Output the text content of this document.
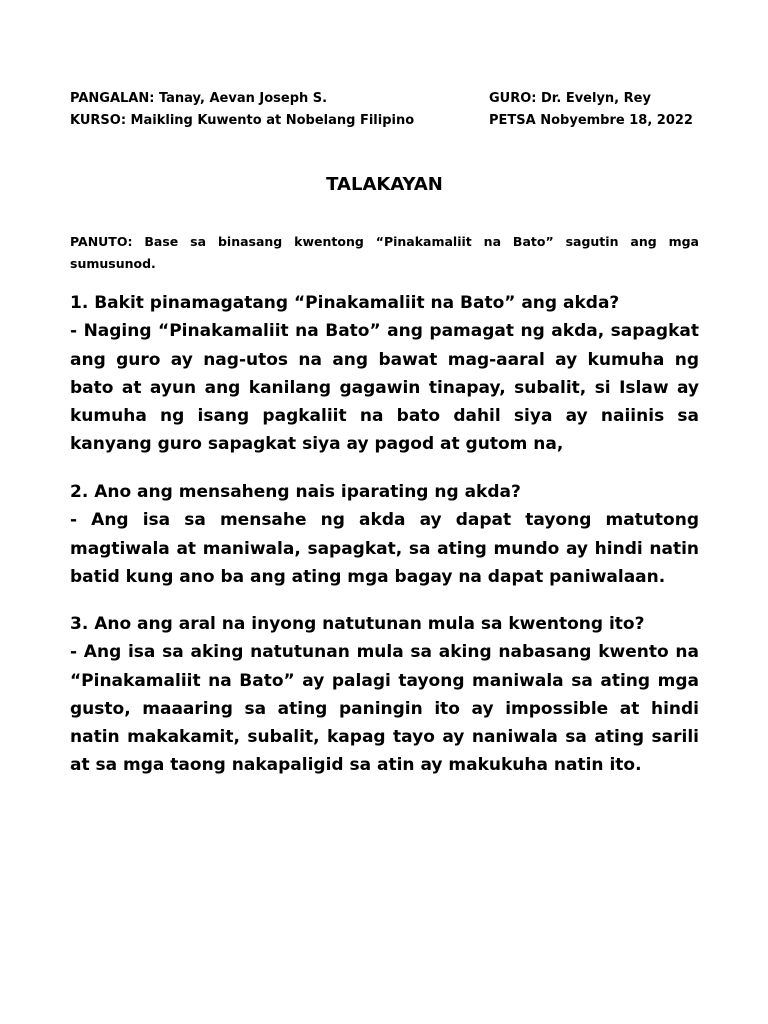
PANGALAN: Tanay, Aevan Joseph S.	GURO: Dr. Evelyn, Rey
KURSO: Maikling Kuwento at Nobelang Filipino	PETSA Nobyembre 18, 2022
TALAKAYAN
PANUTO: Base sa binasang kwentong “Pinakamaliit na Bato” sagutin ang mga sumusunod.

1. Bakit pinamagatang “Pinakamaliit na Bato” ang akda?

- Naging “Pinakamaliit na Bato” ang pamagat ng akda, sapagkat ang guro ay nag-utos na ang bawat mag-aaral ay kumuha ng bato at ayun ang kanilang gagawin tinapay, subalit, si Islaw ay kumuha ng isang pagkaliit na bato dahil siya ay naiinis sa kanyang guro sapagkat siya ay pagod at gutom na,

2. Ano ang mensaheng nais iparating ng akda?

- Ang isa sa mensahe ng akda ay dapat tayong matutong magtiwala at maniwala, sapagkat, sa ating mundo ay hindi natin batid kung ano ba ang ating mga bagay na dapat paniwalaan.

3. Ano ang aral na inyong natutunan mula sa kwentong ito?

- Ang isa sa aking natutunan mula sa aking nabasang kwento na “Pinakamaliit na Bato” ay palagi tayong maniwala sa ating mga gusto, maaaring sa ating paningin ito ay impossible at hindi natin makakamit, subalit, kapag tayo ay naniwala sa ating sarili at sa mga taong nakapaligid sa atin ay makukuha natin ito.
